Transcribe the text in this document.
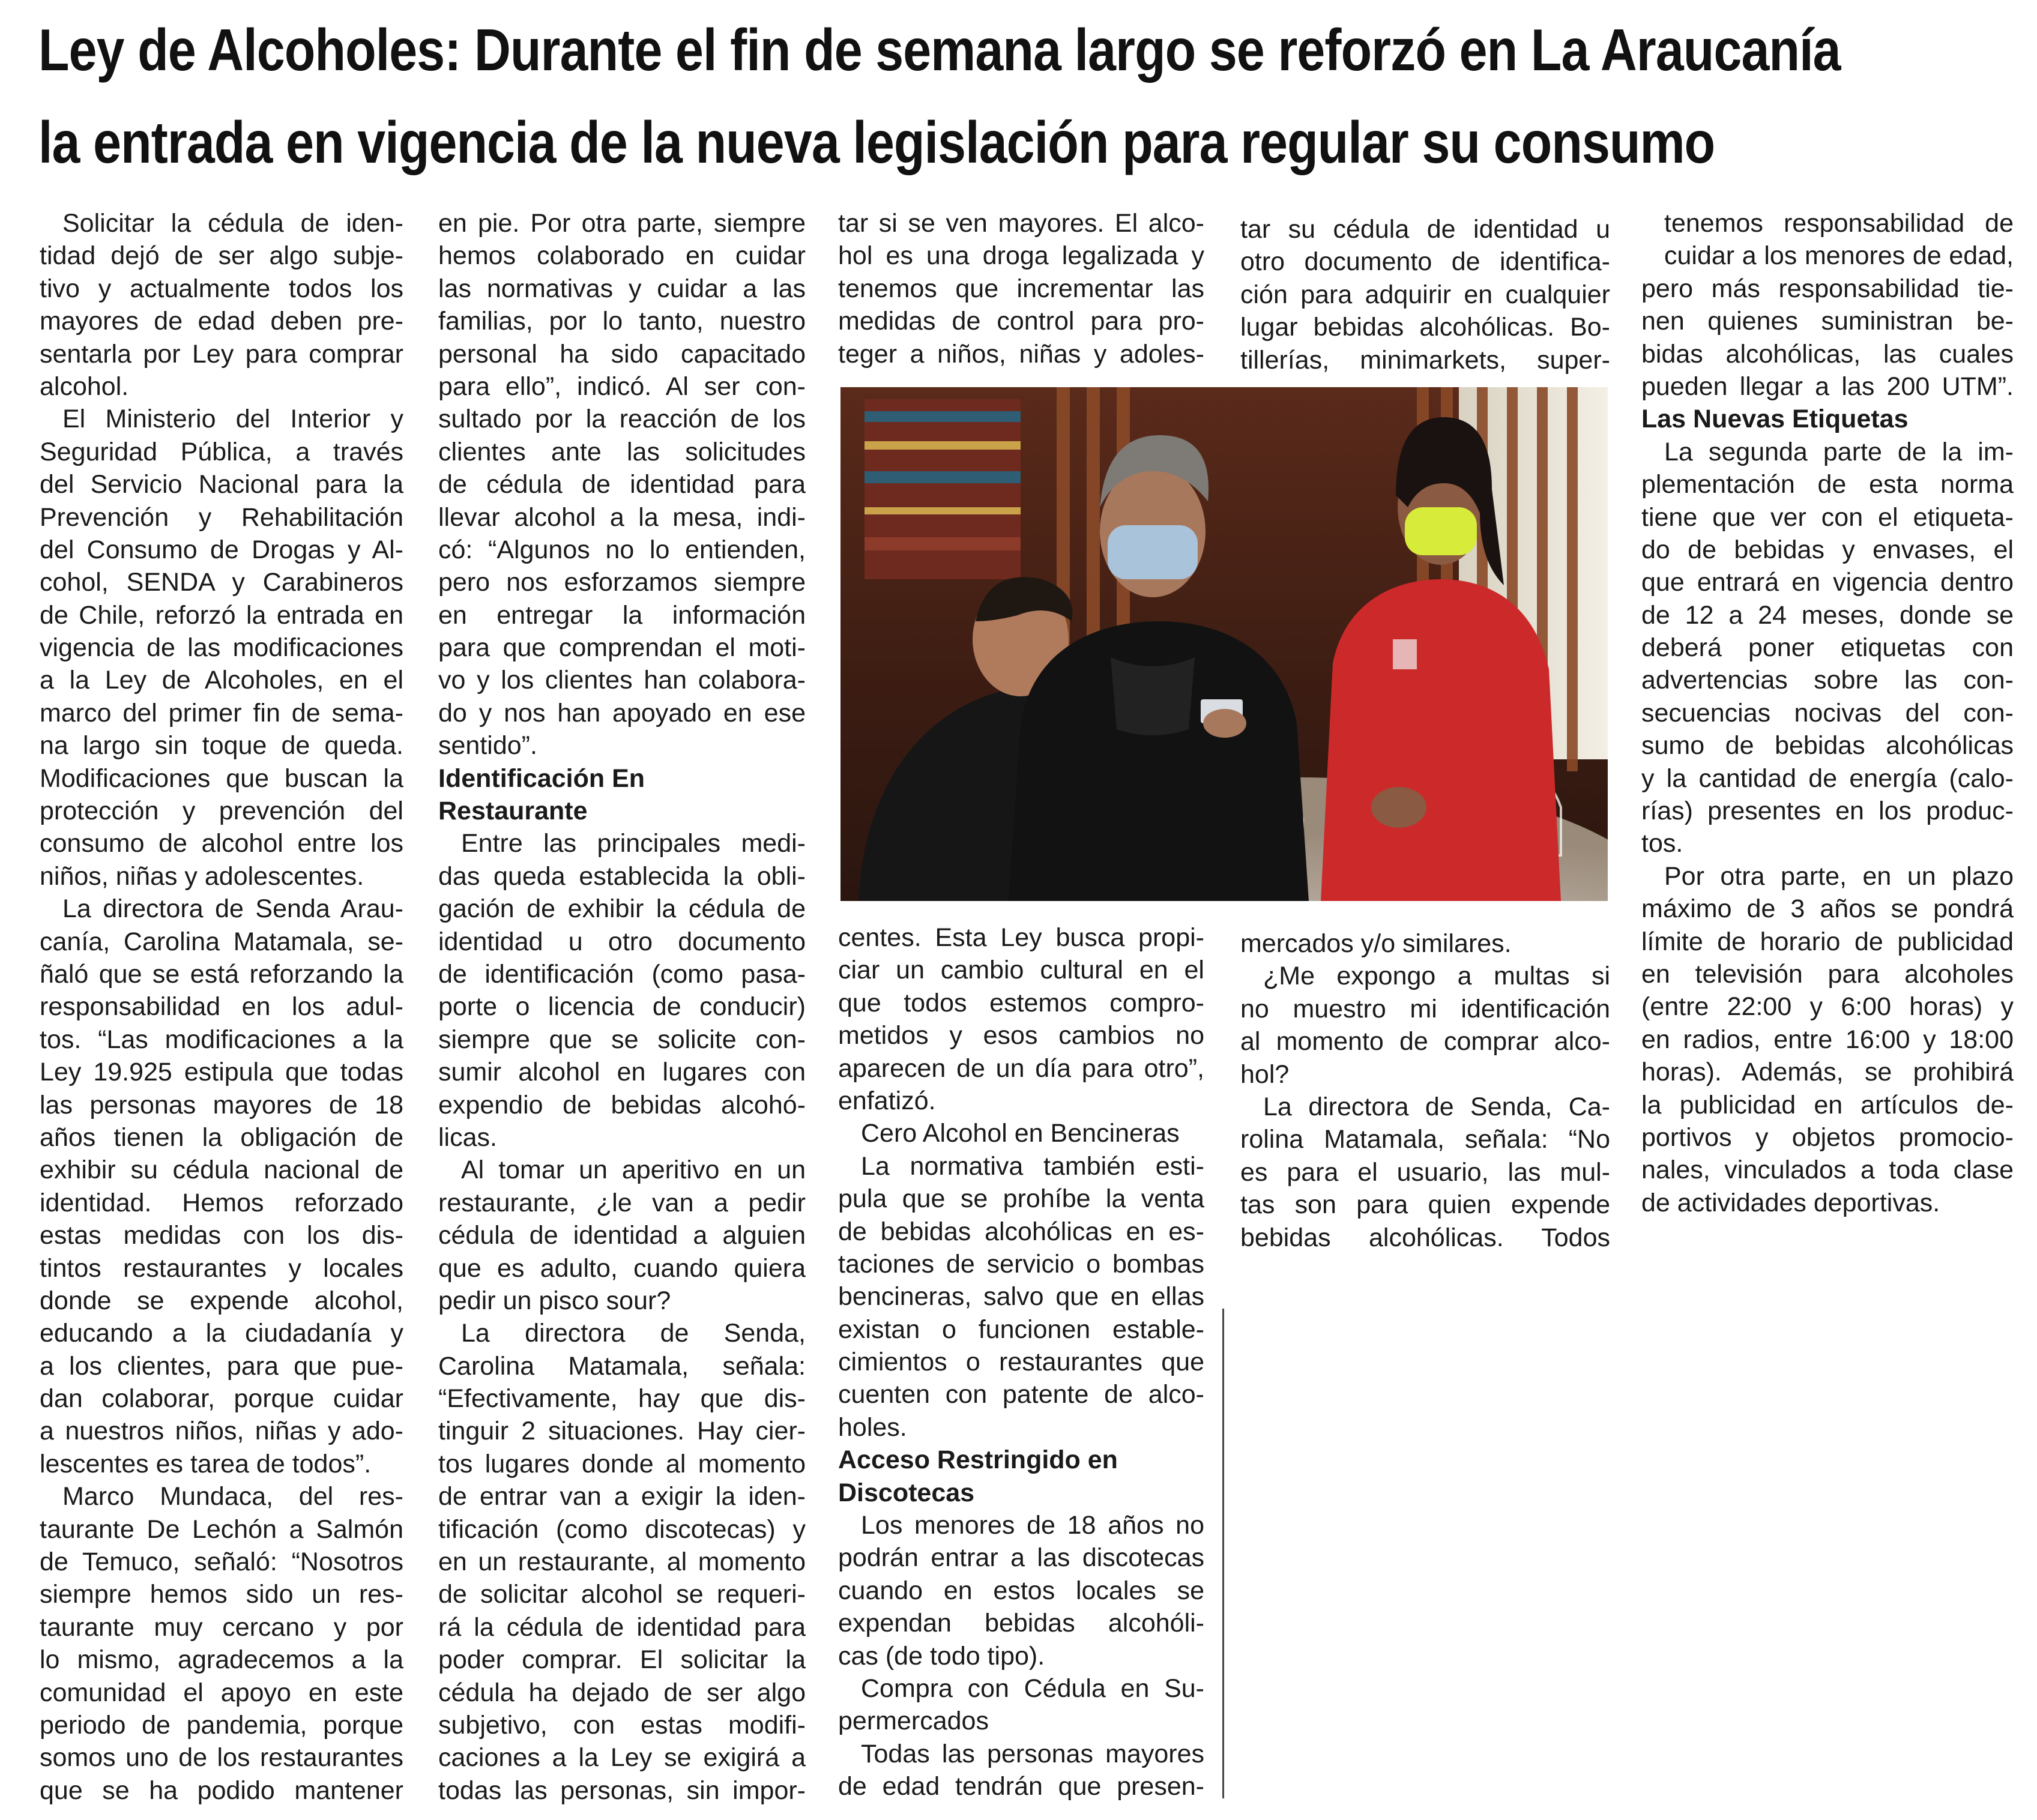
Ley de Alcoholes: Durante el fin de semana largo se reforzó en La Araucanía
la entrada en vigencia de la nueva legislación para regular su consumo
Solicitar la cédula de iden-
tidad dejó de ser algo subje-
tivo y actualmente todos los
mayores de edad deben pre-
sentarla por Ley para comprar
alcohol.
El Ministerio del Interior y
Seguridad Pública, a través
del Servicio Nacional para la
Prevención y Rehabilitación
del Consumo de Drogas y Al-
cohol, SENDA y Carabineros
de Chile, reforzó la entrada en
vigencia de las modificaciones
a la Ley de Alcoholes, en el
marco del primer fin de sema-
na largo sin toque de queda.
Modificaciones que buscan la
protección y prevención del
consumo de alcohol entre los
niños, niñas y adolescentes.
La directora de Senda Arau-
canía, Carolina Matamala, se-
ñaló que se está reforzando la
responsabilidad en los adul-
tos. “Las modificaciones a la
Ley 19.925 estipula que todas
las personas mayores de 18
años tienen la obligación de
exhibir su cédula nacional de
identidad. Hemos reforzado
estas medidas con los dis-
tintos restaurantes y locales
donde se expende alcohol,
educando a la ciudadanía y
a los clientes, para que pue-
dan colaborar, porque cuidar
a nuestros niños, niñas y ado-
lescentes es tarea de todos”.
Marco Mundaca, del res-
taurante De Lechón a Salmón
de Temuco, señaló: “Nosotros
siempre hemos sido un res-
taurante muy cercano y por
lo mismo, agradecemos a la
comunidad el apoyo en este
periodo de pandemia, porque
somos uno de los restaurantes
que se ha podido mantener
en pie. Por otra parte, siempre
hemos colaborado en cuidar
las normativas y cuidar a las
familias, por lo tanto, nuestro
personal ha sido capacitado
para ello”, indicó. Al ser con-
sultado por la reacción de los
clientes ante las solicitudes
de cédula de identidad para
llevar alcohol a la mesa, indi-
có: “Algunos no lo entienden,
pero nos esforzamos siempre
en entregar la información
para que comprendan el moti-
vo y los clientes han colabora-
do y nos han apoyado en ese
sentido”.
Identificación En
Restaurante
Entre las principales medi-
das queda establecida la obli-
gación de exhibir la cédula de
identidad u otro documento
de identificación (como pasa-
porte o licencia de conducir)
siempre que se solicite con-
sumir alcohol en lugares con
expendio de bebidas alcohó-
licas.
Al tomar un aperitivo en un
restaurante, ¿le van a pedir
cédula de identidad a alguien
que es adulto, cuando quiera
pedir un pisco sour?
La directora de Senda,
Carolina Matamala, señala:
“Efectivamente, hay que dis-
tinguir 2 situaciones. Hay cier-
tos lugares donde al momento
de entrar van a exigir la iden-
tificación (como discotecas) y
en un restaurante, al momento
de solicitar alcohol se requeri-
rá la cédula de identidad para
poder comprar. El solicitar la
cédula ha dejado de ser algo
subjetivo, con estas modifi-
caciones a la Ley se exigirá a
todas las personas, sin impor-
tar si se ven mayores. El alco-
hol es una droga legalizada y
tenemos que incrementar las
medidas de control para pro-
teger a niños, niñas y adoles-
tar su cédula de identidad u
otro documento de identifica-
ción para adquirir en cualquier
lugar bebidas alcohólicas. Bo-
tillerías, minimarkets, super-
centes. Esta Ley busca propi-
ciar un cambio cultural en el
que todos estemos compro-
metidos y esos cambios no
aparecen de un día para otro”,
enfatizó.
Cero Alcohol en Bencineras
La normativa también esti-
pula que se prohíbe la venta
de bebidas alcohólicas en es-
taciones de servicio o bombas
bencineras, salvo que en ellas
existan o funcionen estable-
cimientos o restaurantes que
cuenten con patente de alco-
holes.
Acceso Restringido en
Discotecas
Los menores de 18 años no
podrán entrar a las discotecas
cuando en estos locales se
expendan bebidas alcohóli-
cas (de todo tipo).
Compra con Cédula en Su-
permercados
Todas las personas mayores
de edad tendrán que presen-
mercados y/o similares.
¿Me expongo a multas si
no muestro mi identificación
al momento de comprar alco-
hol?
La directora de Senda, Ca-
rolina Matamala, señala: “No
es para el usuario, las mul-
tas son para quien expende
bebidas alcohólicas. Todos
tenemos responsabilidad de
cuidar a los menores de edad,
pero más responsabilidad tie-
nen quienes suministran be-
bidas alcohólicas, las cuales
pueden llegar a las 200 UTM”.
Las Nuevas Etiquetas
La segunda parte de la im-
plementación de esta norma
tiene que ver con el etiqueta-
do de bebidas y envases, el
que entrará en vigencia dentro
de 12 a 24 meses, donde se
deberá poner etiquetas con
advertencias sobre las con-
secuencias nocivas del con-
sumo de bebidas alcohólicas
y la cantidad de energía (calo-
rías) presentes en los produc-
tos.
Por otra parte, en un plazo
máximo de 3 años se pondrá
límite de horario de publicidad
en televisión para alcoholes
(entre 22:00 y 6:00 horas) y
en radios, entre 16:00 y 18:00
horas). Además, se prohibirá
la publicidad en artículos de-
portivos y objetos promocio-
nales, vinculados a toda clase
de actividades deportivas.
